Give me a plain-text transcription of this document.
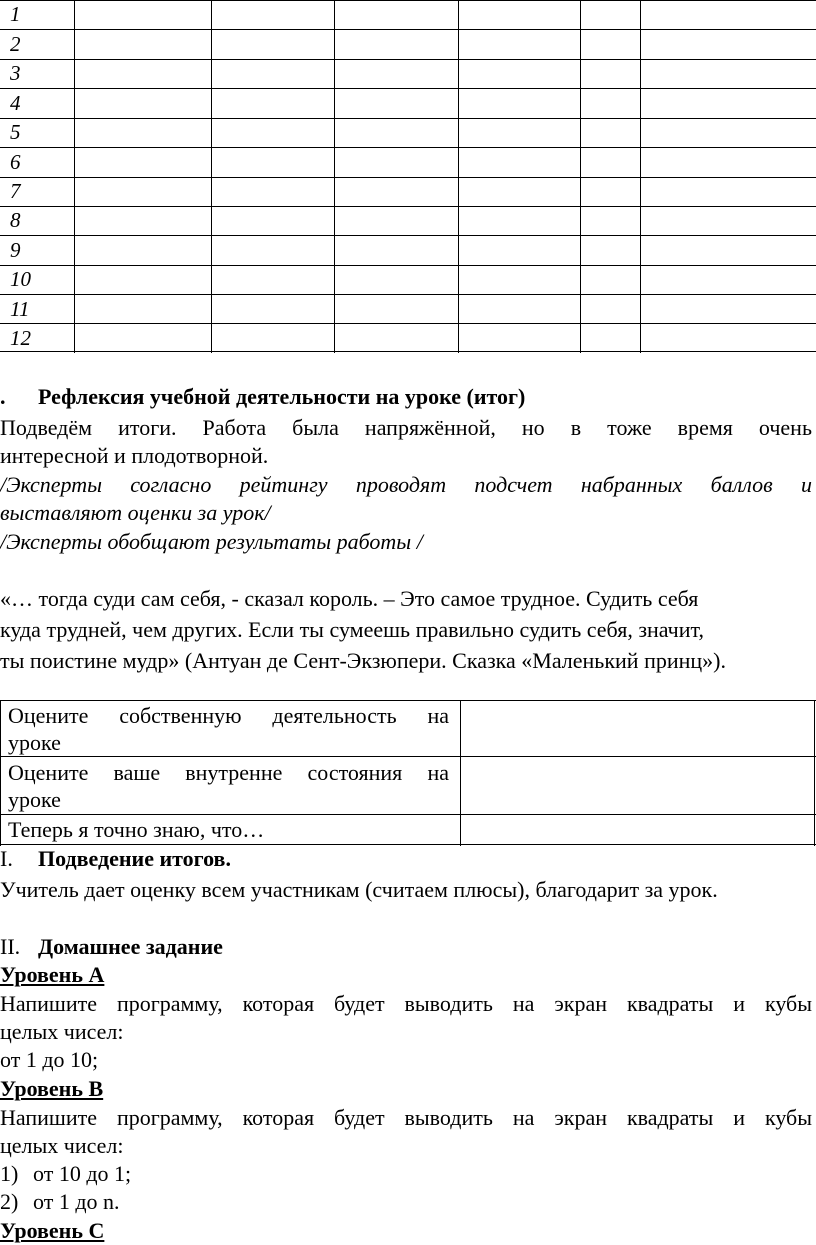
1
2
3
4
5
6
7
8
9
10
11
12
. Рефлексия учебной деятельности на уроке (итог)
Подведём итоги. Работа была напряжённой, но в тоже время очень
интересной и плодотворной.
/Эксперты согласно рейтингу проводят подсчет набранных баллов и
выставляют оценки за урок/
/Эксперты обобщают результаты работы /
«… тогда суди сам себя, - сказал король. – Это самое трудное. Судить себя
куда трудней, чем других. Если ты сумеешь правильно судить себя, значит,
ты поистине мудр» (Антуан де Сент-Экзюпери. Сказка «Маленький принц»).
Оцените собственную деятельность на
уроке
Оцените ваше внутренне состояния на
уроке
Теперь я точно знаю, что…
I. Подведение итогов.
Учитель дает оценку всем участникам (считаем плюсы), благодарит за урок.
II. Домашнее задание
Уровень А
Напишите программу, которая будет выводить на экран квадраты и кубы
целых чисел:
от 1 до 10;
Уровень В
Напишите программу, которая будет выводить на экран квадраты и кубы
целых чисел:
1) от 10 до 1;
2) от 1 до n.
Уровень С
